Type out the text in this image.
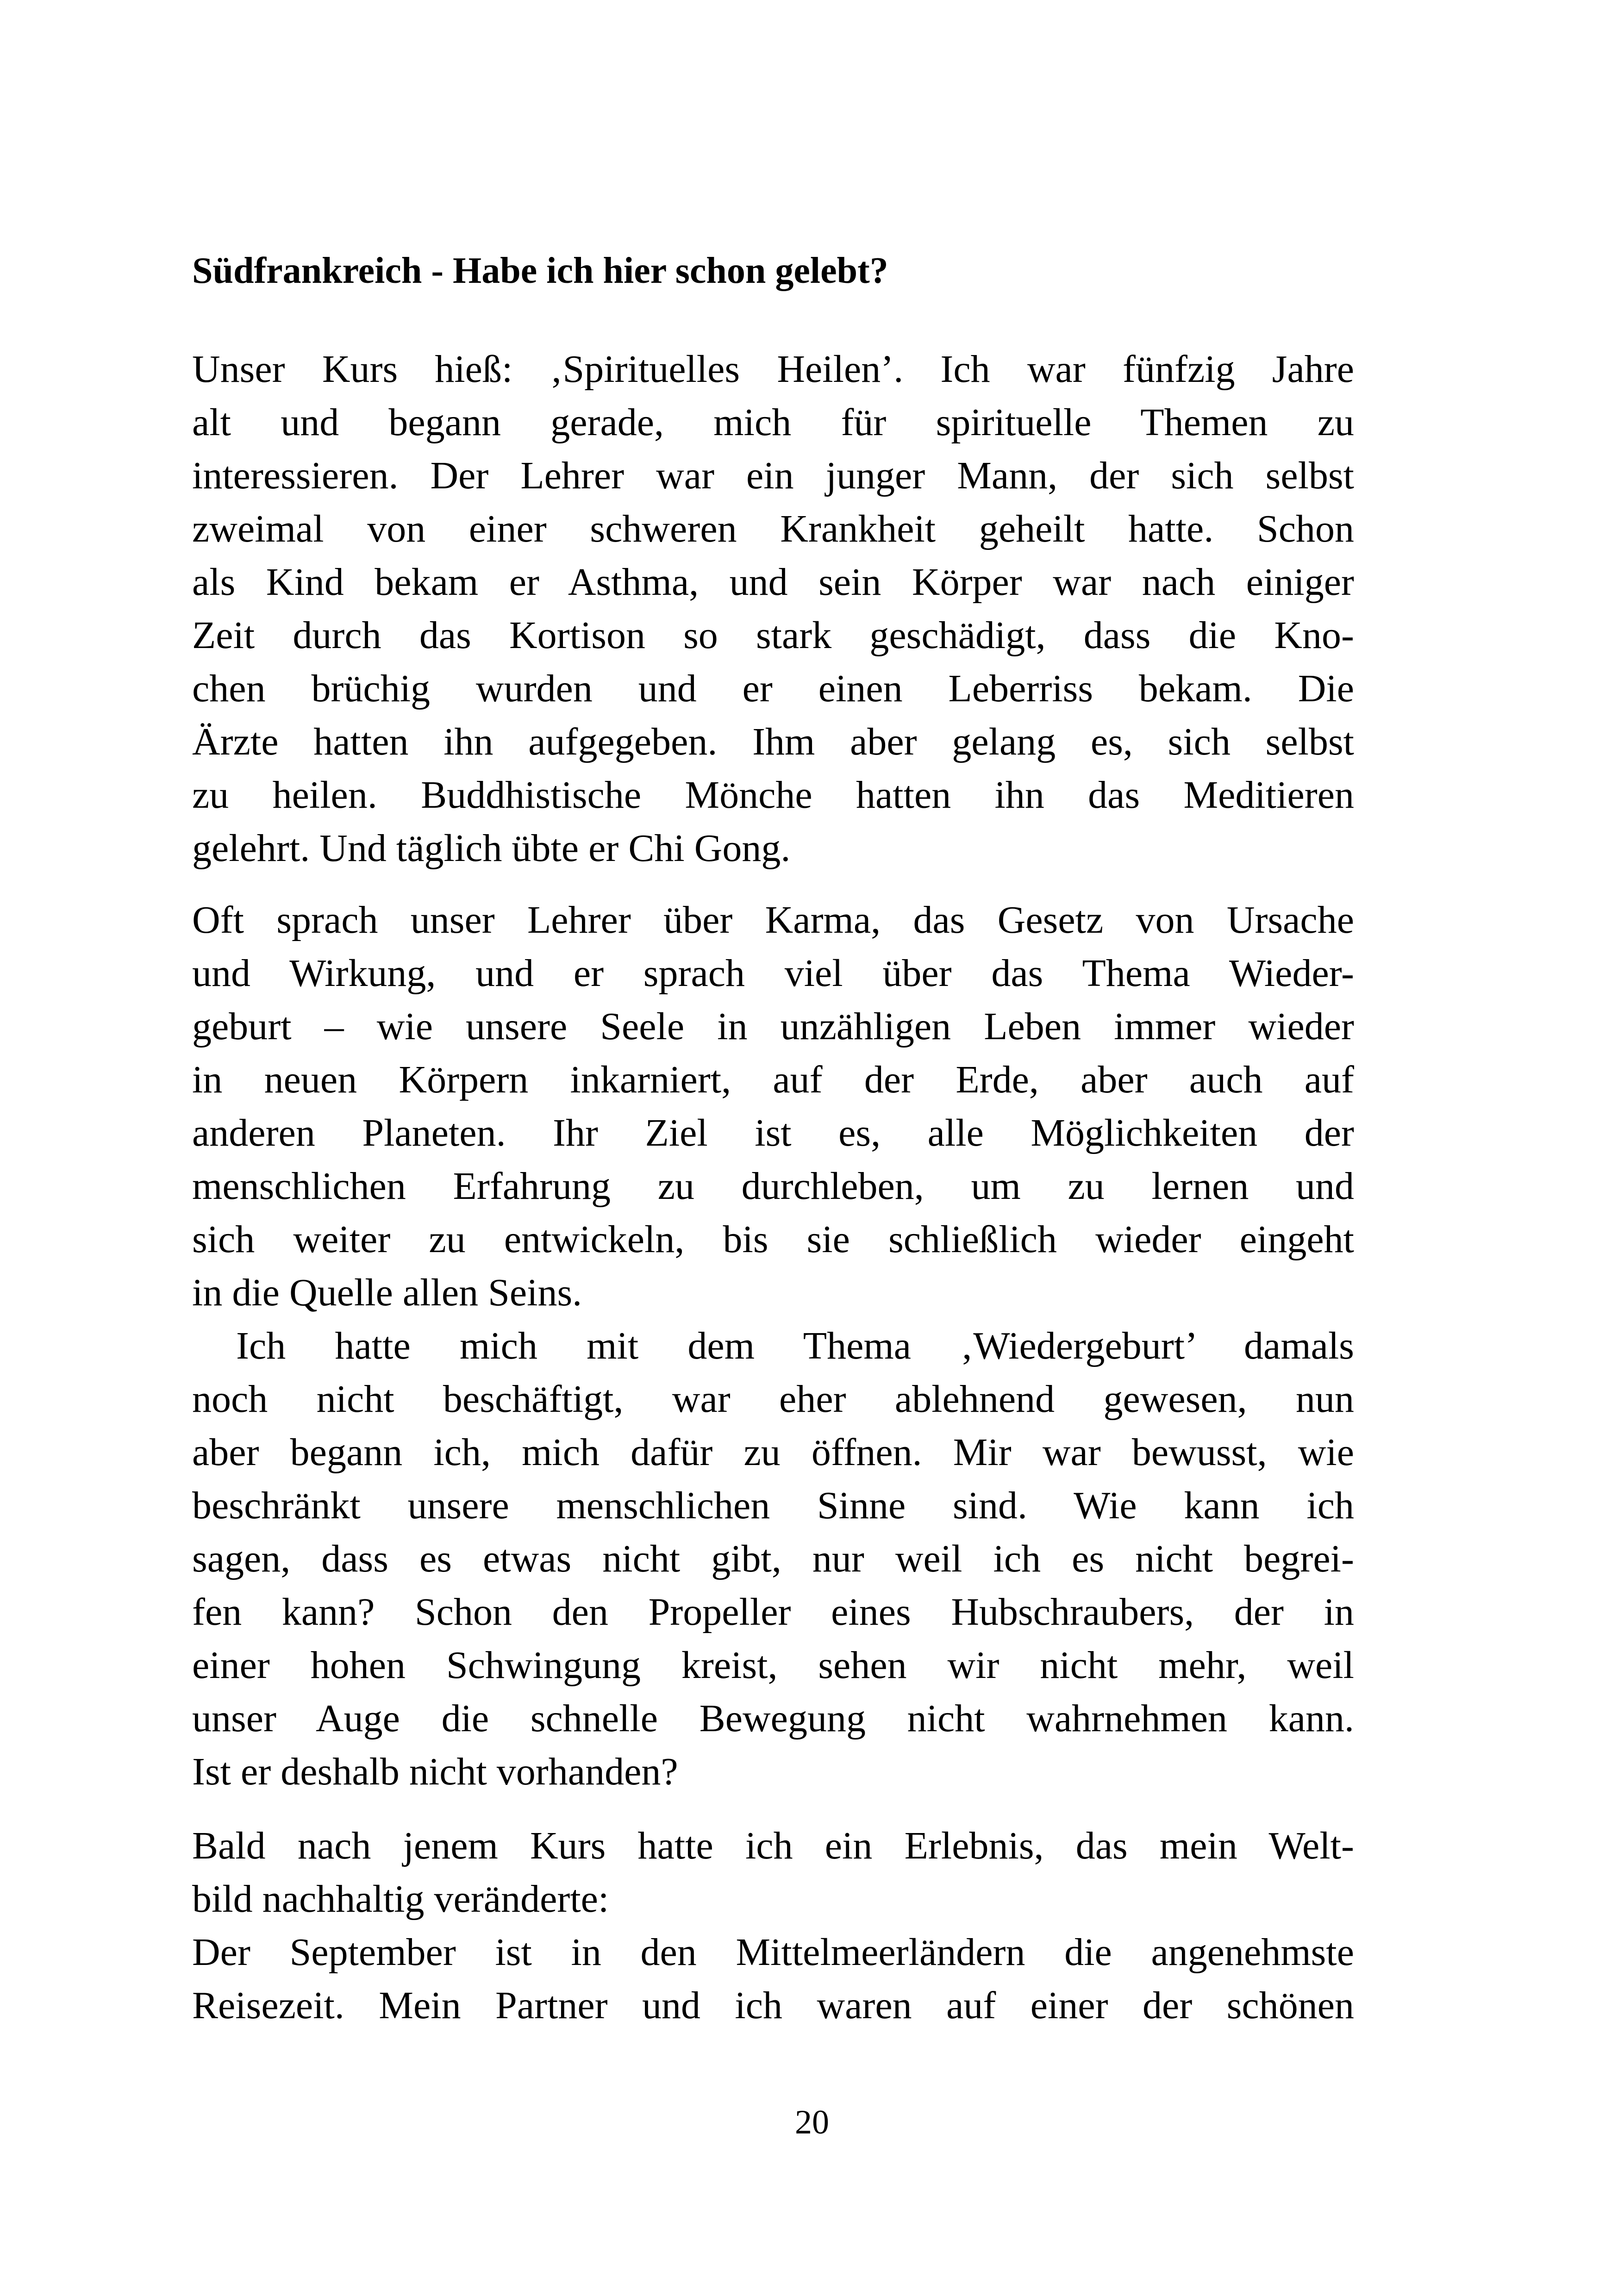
Südfrankreich - Habe ich hier schon gelebt?

Unser Kurs hieß: ‚Spirituelles Heilen’. Ich war fünfzig Jahre
alt und begann gerade, mich für spirituelle Themen zu
interessieren. Der Lehrer war ein junger Mann, der sich selbst
zweimal von einer schweren Krankheit geheilt hatte. Schon
als Kind bekam er Asthma, und sein Körper war nach einiger
Zeit durch das Kortison so stark geschädigt, dass die Kno-
chen brüchig wurden und er einen Leberriss bekam. Die
Ärzte hatten ihn aufgegeben. Ihm aber gelang es, sich selbst
zu heilen. Buddhistische Mönche hatten ihn das Meditieren
gelehrt. Und täglich übte er Chi Gong.

Oft sprach unser Lehrer über Karma, das Gesetz von Ursache
und Wirkung, und er sprach viel über das Thema Wieder-
geburt – wie unsere Seele in unzähligen Leben immer wieder
in neuen Körpern inkarniert, auf der Erde, aber auch auf
anderen Planeten. Ihr Ziel ist es, alle Möglichkeiten der
menschlichen Erfahrung zu durchleben, um zu lernen und
sich weiter zu entwickeln, bis sie schließlich wieder eingeht
in die Quelle allen Seins.

Ich hatte mich mit dem Thema ‚Wiedergeburt’ damals
noch nicht beschäftigt, war eher ablehnend gewesen, nun
aber begann ich, mich dafür zu öffnen. Mir war bewusst, wie
beschränkt unsere menschlichen Sinne sind. Wie kann ich
sagen, dass es etwas nicht gibt, nur weil ich es nicht begrei-
fen kann? Schon den Propeller eines Hubschraubers, der in
einer hohen Schwingung kreist, sehen wir nicht mehr, weil
unser Auge die schnelle Bewegung nicht wahrnehmen kann.
Ist er deshalb nicht vorhanden?

Bald nach jenem Kurs hatte ich ein Erlebnis, das mein Welt-
bild nachhaltig veränderte:
Der September ist in den Mittelmeerländern die angenehmste
Reisezeit. Mein Partner und ich waren auf einer der schönen

20
